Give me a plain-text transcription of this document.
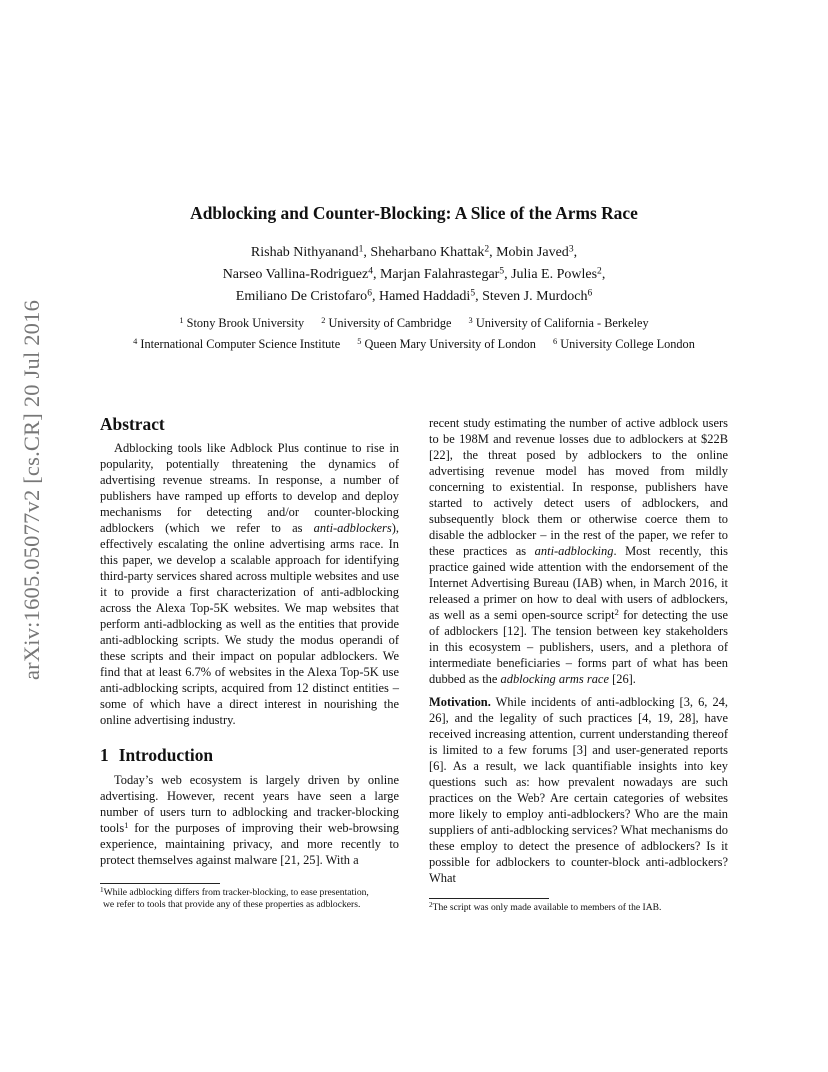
arXiv:1605.05077v2 [cs.CR] 20 Jul 2016
Adblocking and Counter-Blocking: A Slice of the Arms Race
Rishab Nithyanand$^1$, Sheharbano Khattak$^2$, Mobin Javed$^3$,
Narseo Vallina-Rodriguez$^4$, Marjan Falahrastegar$^5$, Julia E. Powles$^2$,
Emiliano De Cristofaro$^6$, Hamed Haddadi$^5$, Steven J. Murdoch$^6$
$^1$ Stony Brook University $^2$ University of Cambridge $^3$ University of California - Berkeley
$^4$ International Computer Science Institute $^5$ Queen Mary University of London $^6$ University College London
Abstract

Adblocking tools like Adblock Plus continue to rise in popularity, potentially threatening the dynamics of advertising revenue streams. In response, a number of publishers have ramped up efforts to develop and deploy mechanisms for detecting and/or counter-blocking adblockers (which we refer to as anti-adblockers), effectively escalating the online advertising arms race. In this paper, we develop a scalable approach for identifying third-party services shared across multiple websites and use it to provide a first characterization of anti-adblocking across the Alexa Top-5K websites. We map websites that perform anti-adblocking as well as the entities that provide anti-adblocking scripts. We study the modus operandi of these scripts and their impact on popular adblockers. We find that at least 6.7% of websites in the Alexa Top-5K use anti-adblocking scripts, acquired from 12 distinct entities – some of which have a direct interest in nourishing the online advertising industry.

1 Introduction

Today’s web ecosystem is largely driven by online advertising. However, recent years have seen a large number of users turn to adblocking and tracker-blocking tools$^1$ for the purposes of improving their web-browsing experience, maintaining privacy, and more recently to protect themselves against malware [21, 25]. With a

$^1$While adblocking differs from tracker-blocking, to ease presentation,
we refer to tools that provide any of these properties as adblockers.

recent study estimating the number of active adblock users to be 198M and revenue losses due to adblockers at $22B [22], the threat posed by adblockers to the online advertising revenue model has moved from mildly concerning to existential. In response, publishers have started to actively detect users of adblockers, and subsequently block them or otherwise coerce them to disable the adblocker – in the rest of the paper, we refer to these practices as anti-adblocking. Most recently, this practice gained wide attention with the endorsement of the Internet Advertising Bureau (IAB) when, in March 2016, it released a primer on how to deal with users of adblockers, as well as a semi open-source script$^2$ for detecting the use of adblockers [12]. The tension between key stakeholders in this ecosystem – publishers, users, and a plethora of intermediate beneficiaries – forms part of what has been dubbed as the adblocking arms race [26].

Motivation. While incidents of anti-adblocking [3, 6, 24, 26], and the legality of such practices [4, 19, 28], have received increasing attention, current understanding thereof is limited to a few forums [3] and user-generated reports [6]. As a result, we lack quantifiable insights into key questions such as: how prevalent nowadays are such practices on the Web? Are certain categories of websites more likely to employ anti-adblockers? Who are the main suppliers of anti-adblocking services? What mechanisms do these employ to detect the presence of adblockers? Is it possible for adblockers to counter-block anti-adblockers? What

$^2$The script was only made available to members of the IAB.
